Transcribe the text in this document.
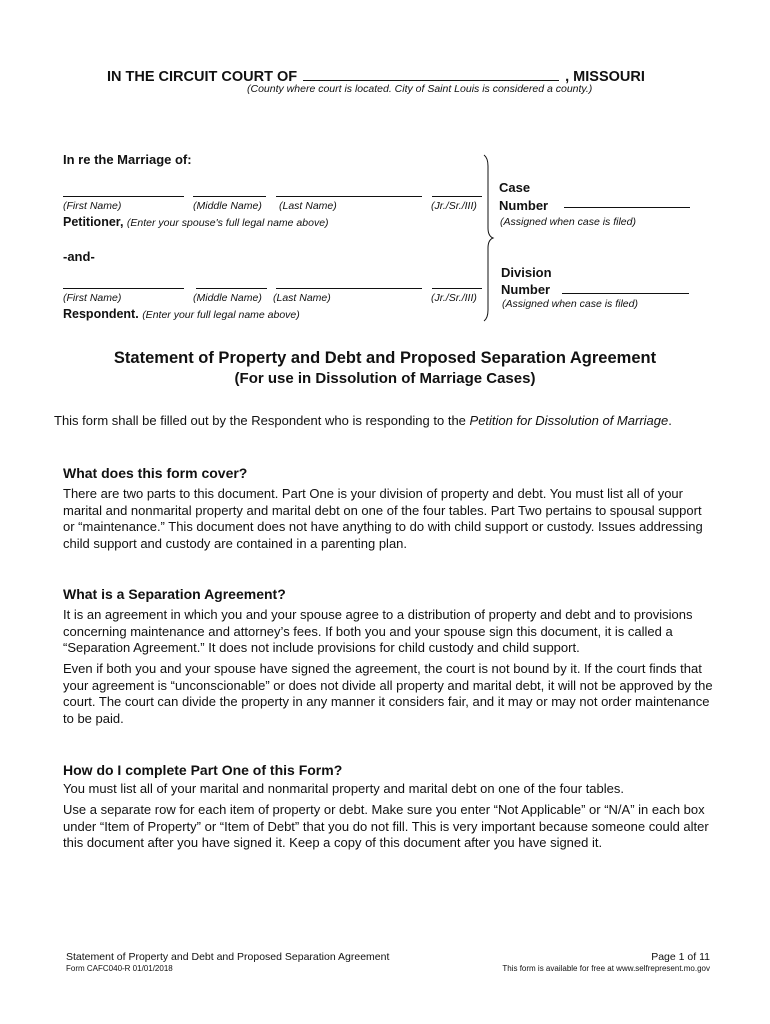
IN THE CIRCUIT COURT OF	, MISSOURI
(County where court is located. City of Saint Louis is considered a county.)
In re the Marriage of:
(First Name)	(Middle Name) (Last Name)	(Jr./Sr./III)
Petitioner, (Enter your spouse's full legal name above)
-and-
(First Name)	(Middle Name) (Last Name)	(Jr./Sr./III)
Respondent. (Enter your full legal name above)
Case
Number
(Assigned when case is filed)
Division
Number
(Assigned when case is filed)
Statement of Property and Debt and Proposed Separation Agreement
(For use in Dissolution of Marriage Cases)
This form shall be filled out by the Respondent who is responding to the Petition for Dissolution of Marriage.
What does this form cover?
There are two parts to this document. Part One is your division of property and debt. You must list all of your marital and nonmarital property and marital debt on one of the four tables. Part Two pertains to spousal support or “maintenance.” This document does not have anything to do with child support or custody. Issues addressing child support and custody are contained in a parenting plan.
What is a Separation Agreement?
It is an agreement in which you and your spouse agree to a distribution of property and debt and to provisions concerning maintenance and attorney’s fees. If both you and your spouse sign this document, it is called a “Separation Agreement.” It does not include provisions for child custody and child support.
Even if both you and your spouse have signed the agreement, the court is not bound by it. If the court finds that your agreement is “unconscionable” or does not divide all property and marital debt, it will not be approved by the court. The court can divide the property in any manner it considers fair, and it may or may not order maintenance to be paid.
How do I complete Part One of this Form?
You must list all of your marital and nonmarital property and marital debt on one of the four tables.
Use a separate row for each item of property or debt. Make sure you enter “Not Applicable” or “N/A” in each box under “Item of Property” or “Item of Debt” that you do not fill. This is very important because someone could alter this document after you have signed it. Keep a copy of this document after you have signed it.
Statement of Property and Debt and Proposed Separation Agreement
Form CAFC040-R 01/01/2018
Page 1 of 11
This form is available for free at www.selfrepresent.mo.gov
